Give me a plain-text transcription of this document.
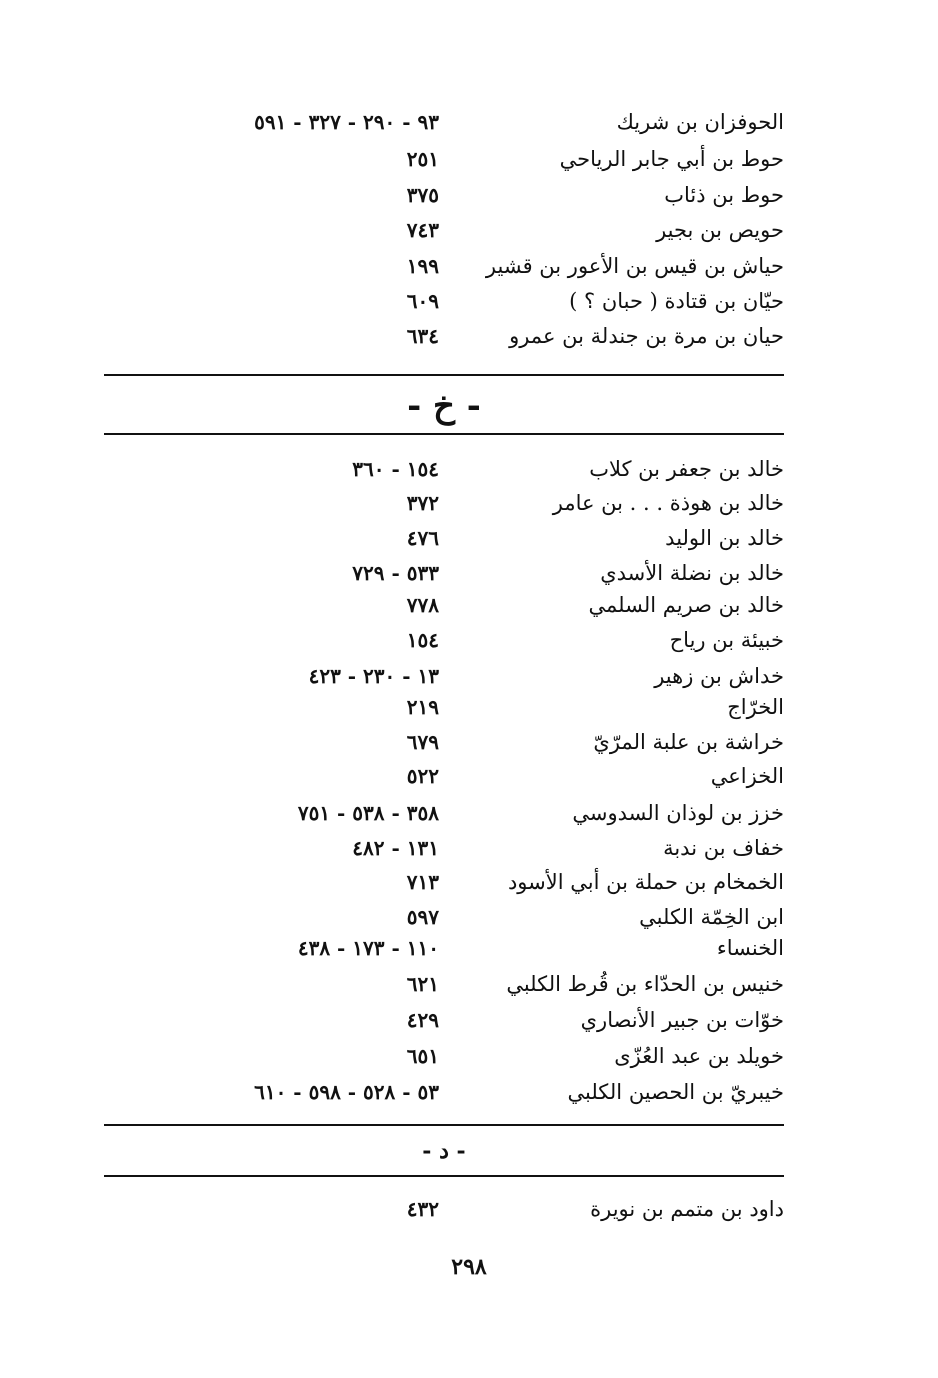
الحوفزان بن شريك
٩٣ - ٢٩٠ - ٣٢٧ - ٥٩١
حوط بن أبي جابر الرياحي
٢٥١
حوط بن ذئاب
٣٧٥
حويص بن بجير
٧٤٣
حياش بن قيس بن الأعور بن قشير
١٩٩
حيّان بن قتادة ( حبان ؟ )
٦٠٩
حيان بن مرة بن جندلة بن عمرو
٦٣٤
- خ -
خالد بن جعفر بن كلاب
١٥٤ - ٣٦٠
خالد بن هوذة . . . بن عامر
٣٧٢
خالد بن الوليد
٤٧٦
خالد بن نضلة الأسدي
٥٣٣ - ٧٢٩
خالد بن صريم السلمي
٧٧٨
خبيئة بن رياح
١٥٤
خداش بن زهير
١٣ - ٢٣٠ - ٤٢٣
الخرّاج
٢١٩
خراشة بن علبة المرّيّ
٦٧٩
الخزاعي
٥٢٢
خزز بن لوذان السدوسي
٣٥٨ - ٥٣٨ - ٧٥١
خفاف بن ندبة
١٣١ - ٤٨٢
الخمخام بن حملة بن أبي الأسود
٧١٣
ابن الخِمّة الكلبي
٥٩٧
الخنساء
١١٠ - ١٧٣ - ٤٣٨
خنيس بن الحدّاء بن قُرط الكلبي
٦٢١
خوّات بن جبير الأنصاري
٤٢٩
خويلد بن عبد العُزّى
٦٥١
خيبريّ بن الحصين الكلبي
٥٣ - ٥٢٨ - ٥٩٨ - ٦١٠
- د -
داود بن متمم بن نويرة
٤٣٢
٢٩٨
